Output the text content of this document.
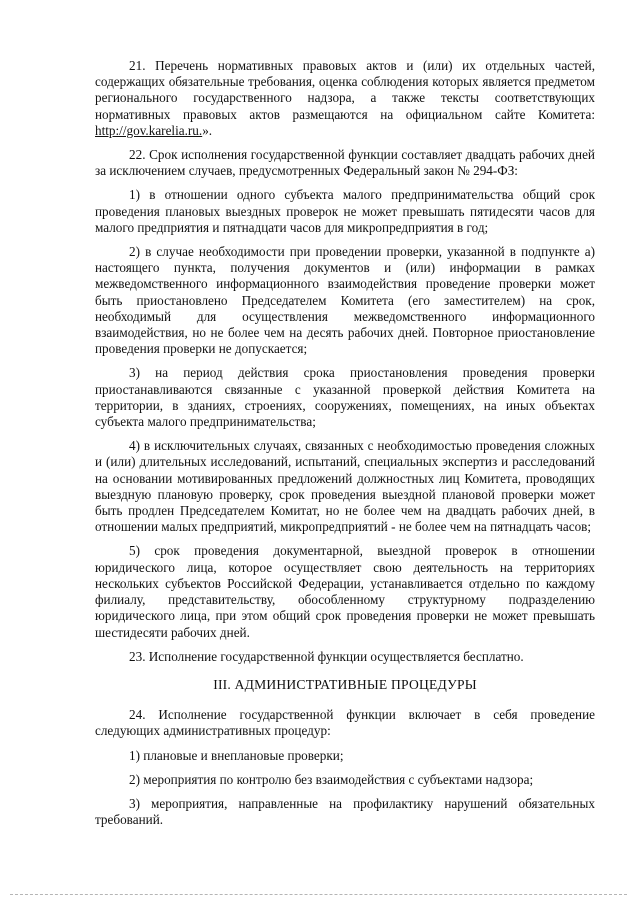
21. Перечень нормативных правовых актов и (или) их отдельных частей, содержащих обязательные требования, оценка соблюдения которых является предметом регионального государственного надзора, а также тексты соответствующих нормативных правовых актов размещаются на официальном сайте Комитета: http://gov.karelia.ru.».

22. Срок исполнения государственной функции составляет двадцать рабочих дней за исключением случаев, предусмотренных Федеральный закон № 294-ФЗ:

1) в отношении одного субъекта малого предпринимательства общий срок проведения плановых выездных проверок не может превышать пятидесяти часов для малого предприятия и пятнадцати часов для микропредприятия в год;

2) в случае необходимости при проведении проверки, указанной в подпункте а) настоящего пункта, получения документов и (или) информации в рамках межведомственного информационного взаимодействия проведение проверки может быть приостановлено Председателем Комитета (его заместителем) на срок, необходимый для осуществления межведомственного информационного взаимодействия, но не более чем на десять рабочих дней. Повторное приостановление проведения проверки не допускается;

3) на период действия срока приостановления проведения проверки приостанавливаются связанные с указанной проверкой действия Комитета на территории, в зданиях, строениях, сооружениях, помещениях, на иных объектах субъекта малого предпринимательства;

4) в исключительных случаях, связанных с необходимостью проведения сложных и (или) длительных исследований, испытаний, специальных экспертиз и расследований на основании мотивированных предложений должностных лиц Комитета, проводящих выездную плановую проверку, срок проведения выездной плановой проверки может быть продлен Председателем Комитат, но не более чем на двадцать рабочих дней, в отношении малых предприятий, микропредприятий - не более чем на пятнадцать часов;

5) срок проведения документарной, выездной проверок в отношении юридического лица, которое осуществляет свою деятельность на территориях нескольких субъектов Российской Федерации, устанавливается отдельно по каждому филиалу, представительству, обособленному структурному подразделению юридического лица, при этом общий срок проведения проверки не может превышать шестидесяти рабочих дней.

23. Исполнение государственной функции осуществляется бесплатно.

III. АДМИНИСТРАТИВНЫЕ ПРОЦЕДУРЫ

24. Исполнение государственной функции включает в себя проведение следующих административных процедур:

1) плановые и внеплановые проверки;

2) мероприятия по контролю без взаимодействия с субъектами надзора;

3) мероприятия, направленные на профилактику нарушений обязательных требований.
